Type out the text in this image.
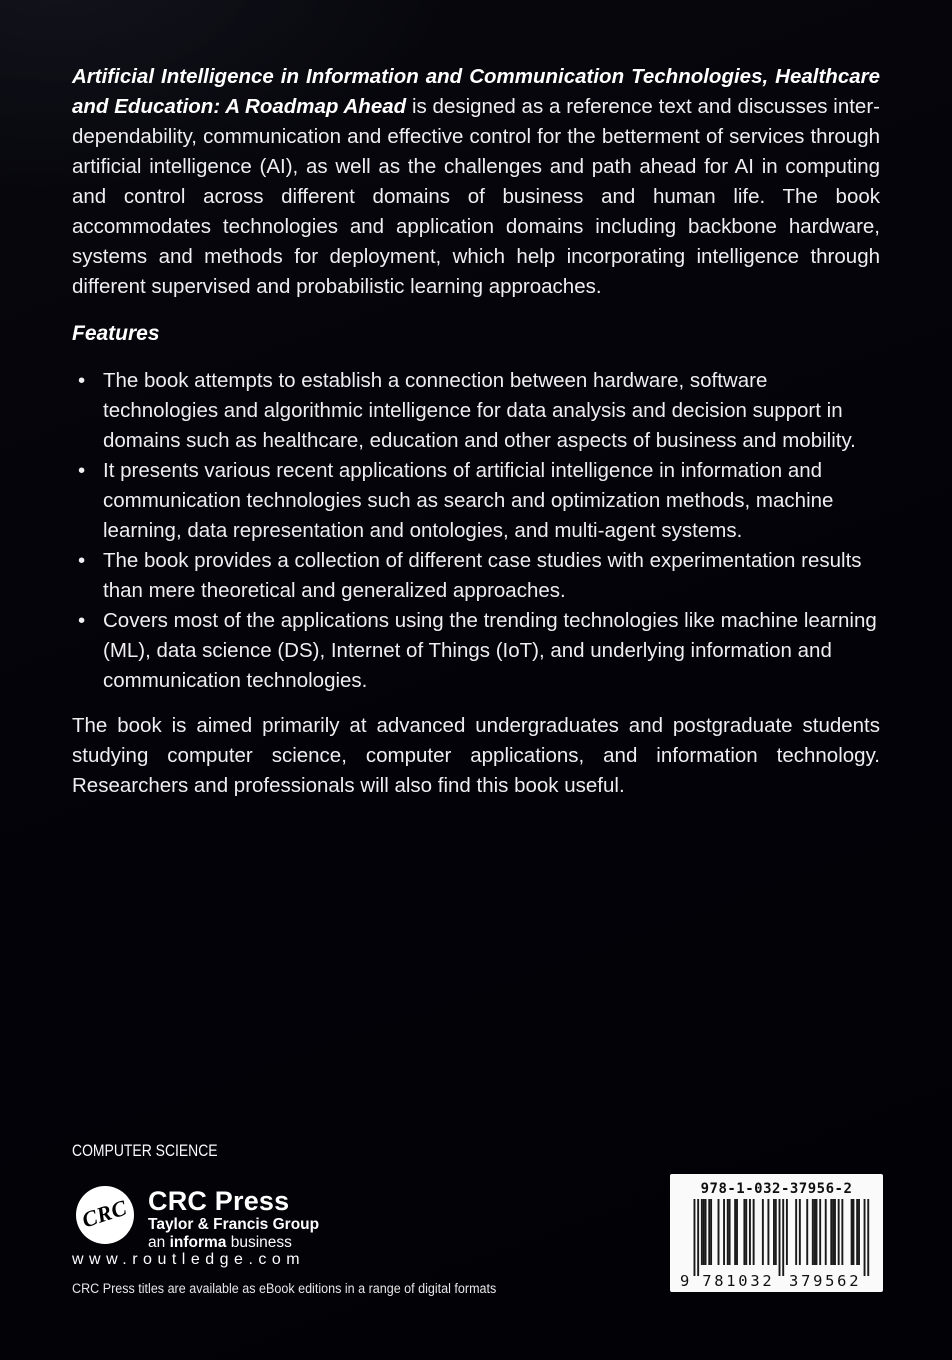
Artificial Intelligence in Information and Communication Technologies, Healthcare and Education: A Roadmap Ahead is designed as a reference text and discusses inter-dependability, communication and effective control for the betterment of services through artificial intelligence (AI), as well as the challenges and path ahead for AI in computing and control across different domains of business and human life. The book accommodates technologies and application domains including backbone hardware, systems and methods for deployment, which help incorporating intelligence through different supervised and probabilistic learning approaches.

Features
• The book attempts to establish a connection between hardware, software technologies and algorithmic intelligence for data analysis and decision support in domains such as healthcare, education and other aspects of business and mobility.
• It presents various recent applications of artificial intelligence in information and communication technologies such as search and optimization methods, machine learning, data representation and ontologies, and multi-agent systems.
• The book provides a collection of different case studies with experimentation results than mere theoretical and generalized approaches.
• Covers most of the applications using the trending technologies like machine learning (ML), data science (DS), Internet of Things (IoT), and underlying information and communication technologies.

The book is aimed primarily at advanced undergraduates and postgraduate students studying computer science, computer applications, and information technology. Researchers and professionals will also find this book useful.

COMPUTER SCIENCE
CRC CRC Press
Taylor & Francis Group
an informa business
www.routledge.com
CRC Press titles are available as eBook editions in a range of digital formats
978-1-032-37956-2
9 781032 379562
